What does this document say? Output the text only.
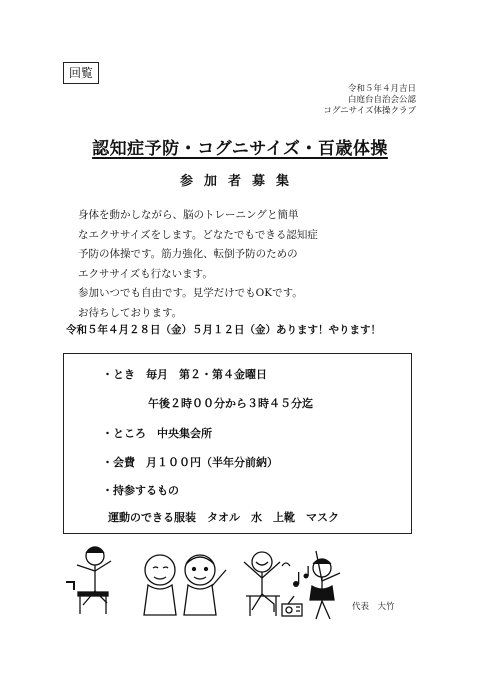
回覧
令和５年４月吉日
白庭台自治会公認
コグニサイズ体操クラブ
認知症予防・コグニサイズ・百歳体操
参加者募集
身体を動かしながら、脳のトレーニングと簡単
なエクササイズをします。どなたでもできる認知症
予防の体操です。筋力強化、転倒予防のための
エクササイズも行ないます。
参加いつでも自由です。見学だけでもOKです。
お待ちしております。
令和５年４月２８日（金）５月１２日（金）あります！やります！
・とき　毎月　第２・第４金曜日
午後２時００分から３時４５分迄
・ところ　中央集会所
・会費　月１００円（半年分前納）
・持参するもの
運動のできる服装　タオル　水　上靴　マスク
代表　大竹
